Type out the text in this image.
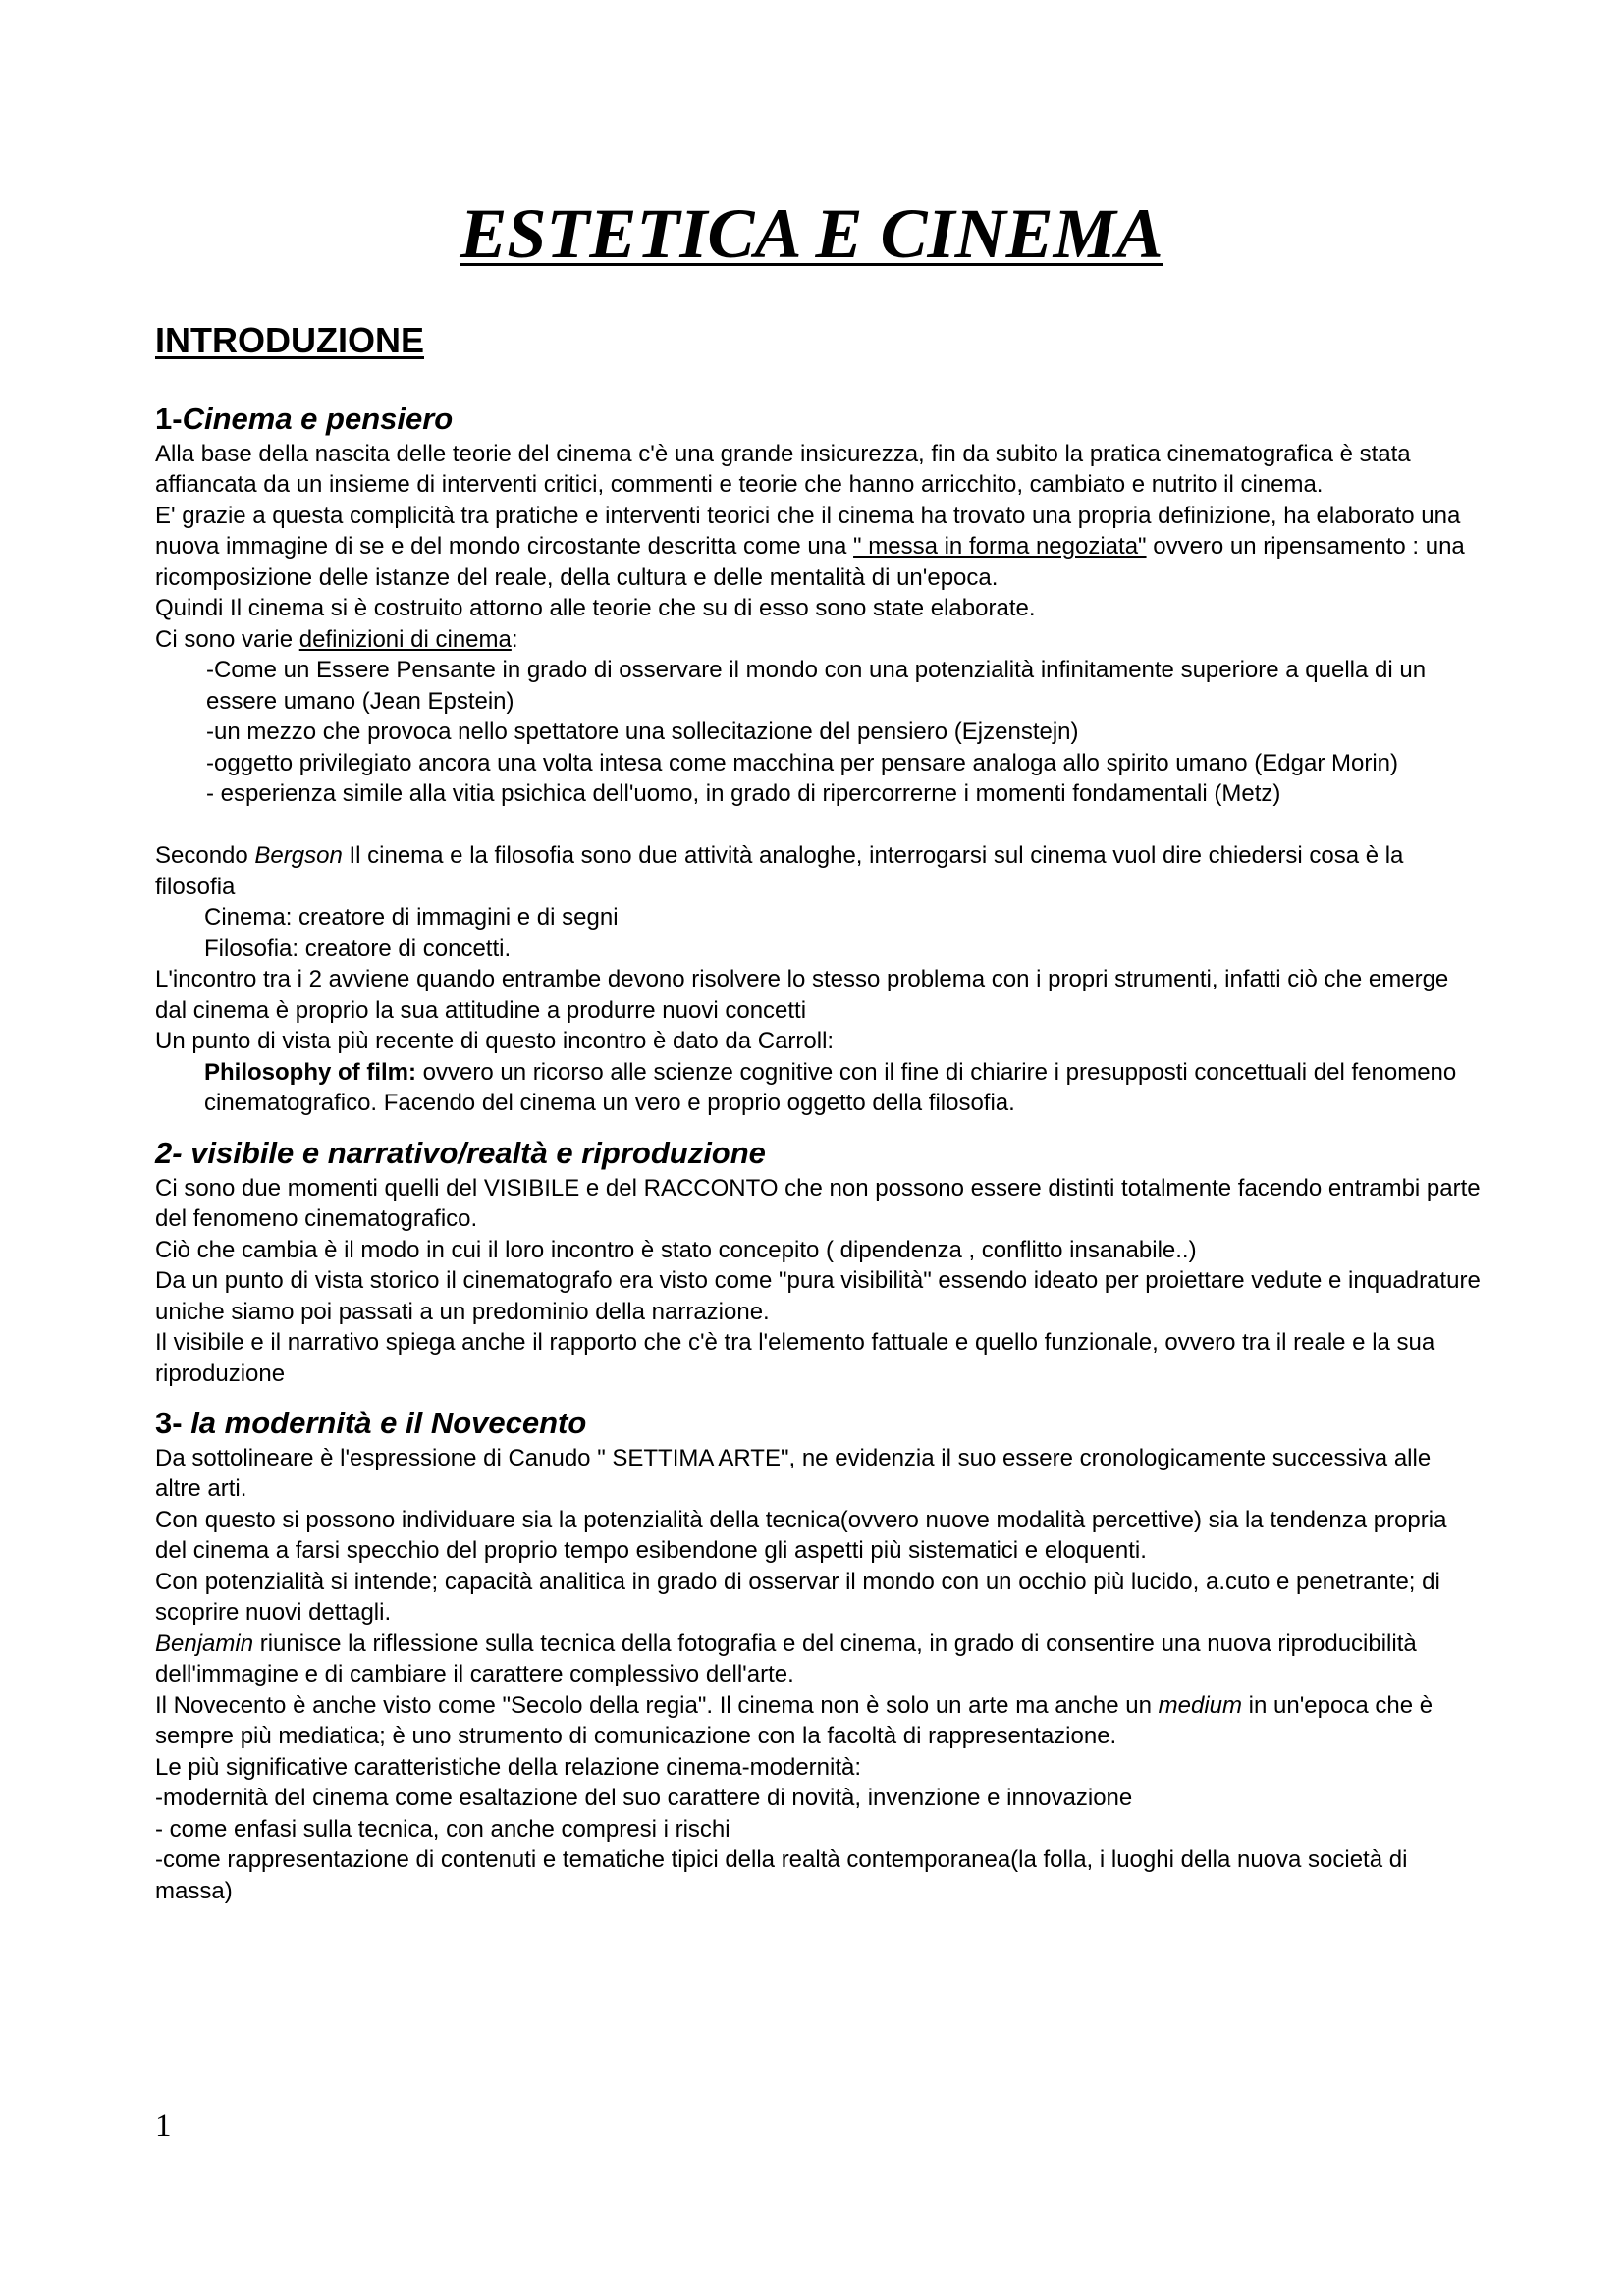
ESTETICA E CINEMA
INTRODUZIONE
1-Cinema e pensiero

Alla base della nascita delle teorie del cinema c'è una grande insicurezza, fin da subito la pratica cinematografica è stata affiancata da un insieme di interventi critici, commenti e teorie che hanno arricchito, cambiato e nutrito il cinema.

E' grazie a questa complicità tra pratiche e interventi teorici che il cinema ha trovato una propria definizione, ha elaborato una nuova immagine di se e del mondo circostante descritta come una " messa in forma negoziata" ovvero un ripensamento : una ricomposizione delle istanze del reale, della cultura e delle mentalità di un'epoca.

Quindi Il cinema si è costruito attorno alle teorie che su di esso sono state elaborate.

Ci sono varie definizioni di cinema:

-Come un Essere Pensante in grado di osservare il mondo con una potenzialità infinitamente superiore a quella di un essere umano (Jean Epstein)

-un mezzo che provoca nello spettatore una sollecitazione del pensiero (Ejzenstejn)

-oggetto privilegiato ancora una volta intesa come macchina per pensare analoga allo spirito umano (Edgar Morin)

- esperienza simile alla vitia psichica dell'uomo, in grado di ripercorrerne i momenti fondamentali (Metz)

Secondo Bergson Il cinema e la filosofia sono due attività analoghe, interrogarsi sul cinema vuol dire chiedersi cosa è la filosofia

Cinema: creatore di immagini e di segni

Filosofia: creatore di concetti.

L'incontro tra i 2 avviene quando entrambe devono risolvere lo stesso problema con i propri strumenti, infatti ciò che emerge dal cinema è proprio la sua attitudine a produrre nuovi concetti

Un punto di vista più recente di questo incontro è dato da Carroll:

Philosophy of film: ovvero un ricorso alle scienze cognitive con il fine di chiarire i presupposti concettuali del fenomeno cinematografico. Facendo del cinema un vero e proprio oggetto della filosofia.

2- visibile e narrativo/realtà e riproduzione

Ci sono due momenti quelli del VISIBILE e del RACCONTO che non possono essere distinti totalmente facendo entrambi parte del fenomeno cinematografico.

Ciò che cambia è il modo in cui il loro incontro è stato concepito ( dipendenza , conflitto insanabile..)

Da un punto di vista storico il cinematografo era visto come "pura visibilità" essendo ideato per proiettare vedute e inquadrature uniche siamo poi passati a un predominio della narrazione.

Il visibile e il narrativo spiega anche il rapporto che c'è tra l'elemento fattuale e quello funzionale, ovvero tra il reale e la sua riproduzione

3- la modernità e il Novecento

Da sottolineare è l'espressione di Canudo " SETTIMA ARTE", ne evidenzia il suo essere cronologicamente successiva alle altre arti.

Con questo si possono individuare sia la potenzialità della tecnica(ovvero nuove modalità percettive) sia la tendenza propria del cinema a farsi specchio del proprio tempo esibendone gli aspetti più sistematici e eloquenti.

Con potenzialità si intende; capacità analitica in grado di osservar il mondo con un occhio più lucido, a.cuto e penetrante; di scoprire nuovi dettagli.

Benjamin riunisce la riflessione sulla tecnica della fotografia e del cinema, in grado di consentire una nuova riproducibilità dell'immagine e di cambiare il carattere complessivo dell'arte.

Il Novecento è anche visto come "Secolo della regia". Il cinema non è solo un arte ma anche un medium in un'epoca che è sempre più mediatica; è uno strumento di comunicazione con la facoltà di rappresentazione.

Le più significative caratteristiche della relazione cinema-modernità:

-modernità del cinema come esaltazione del suo carattere di novità, invenzione e innovazione

- come enfasi sulla tecnica, con anche compresi i rischi

-come rappresentazione di contenuti e tematiche tipici della realtà contemporanea(la folla, i luoghi della nuova società di massa)

1
